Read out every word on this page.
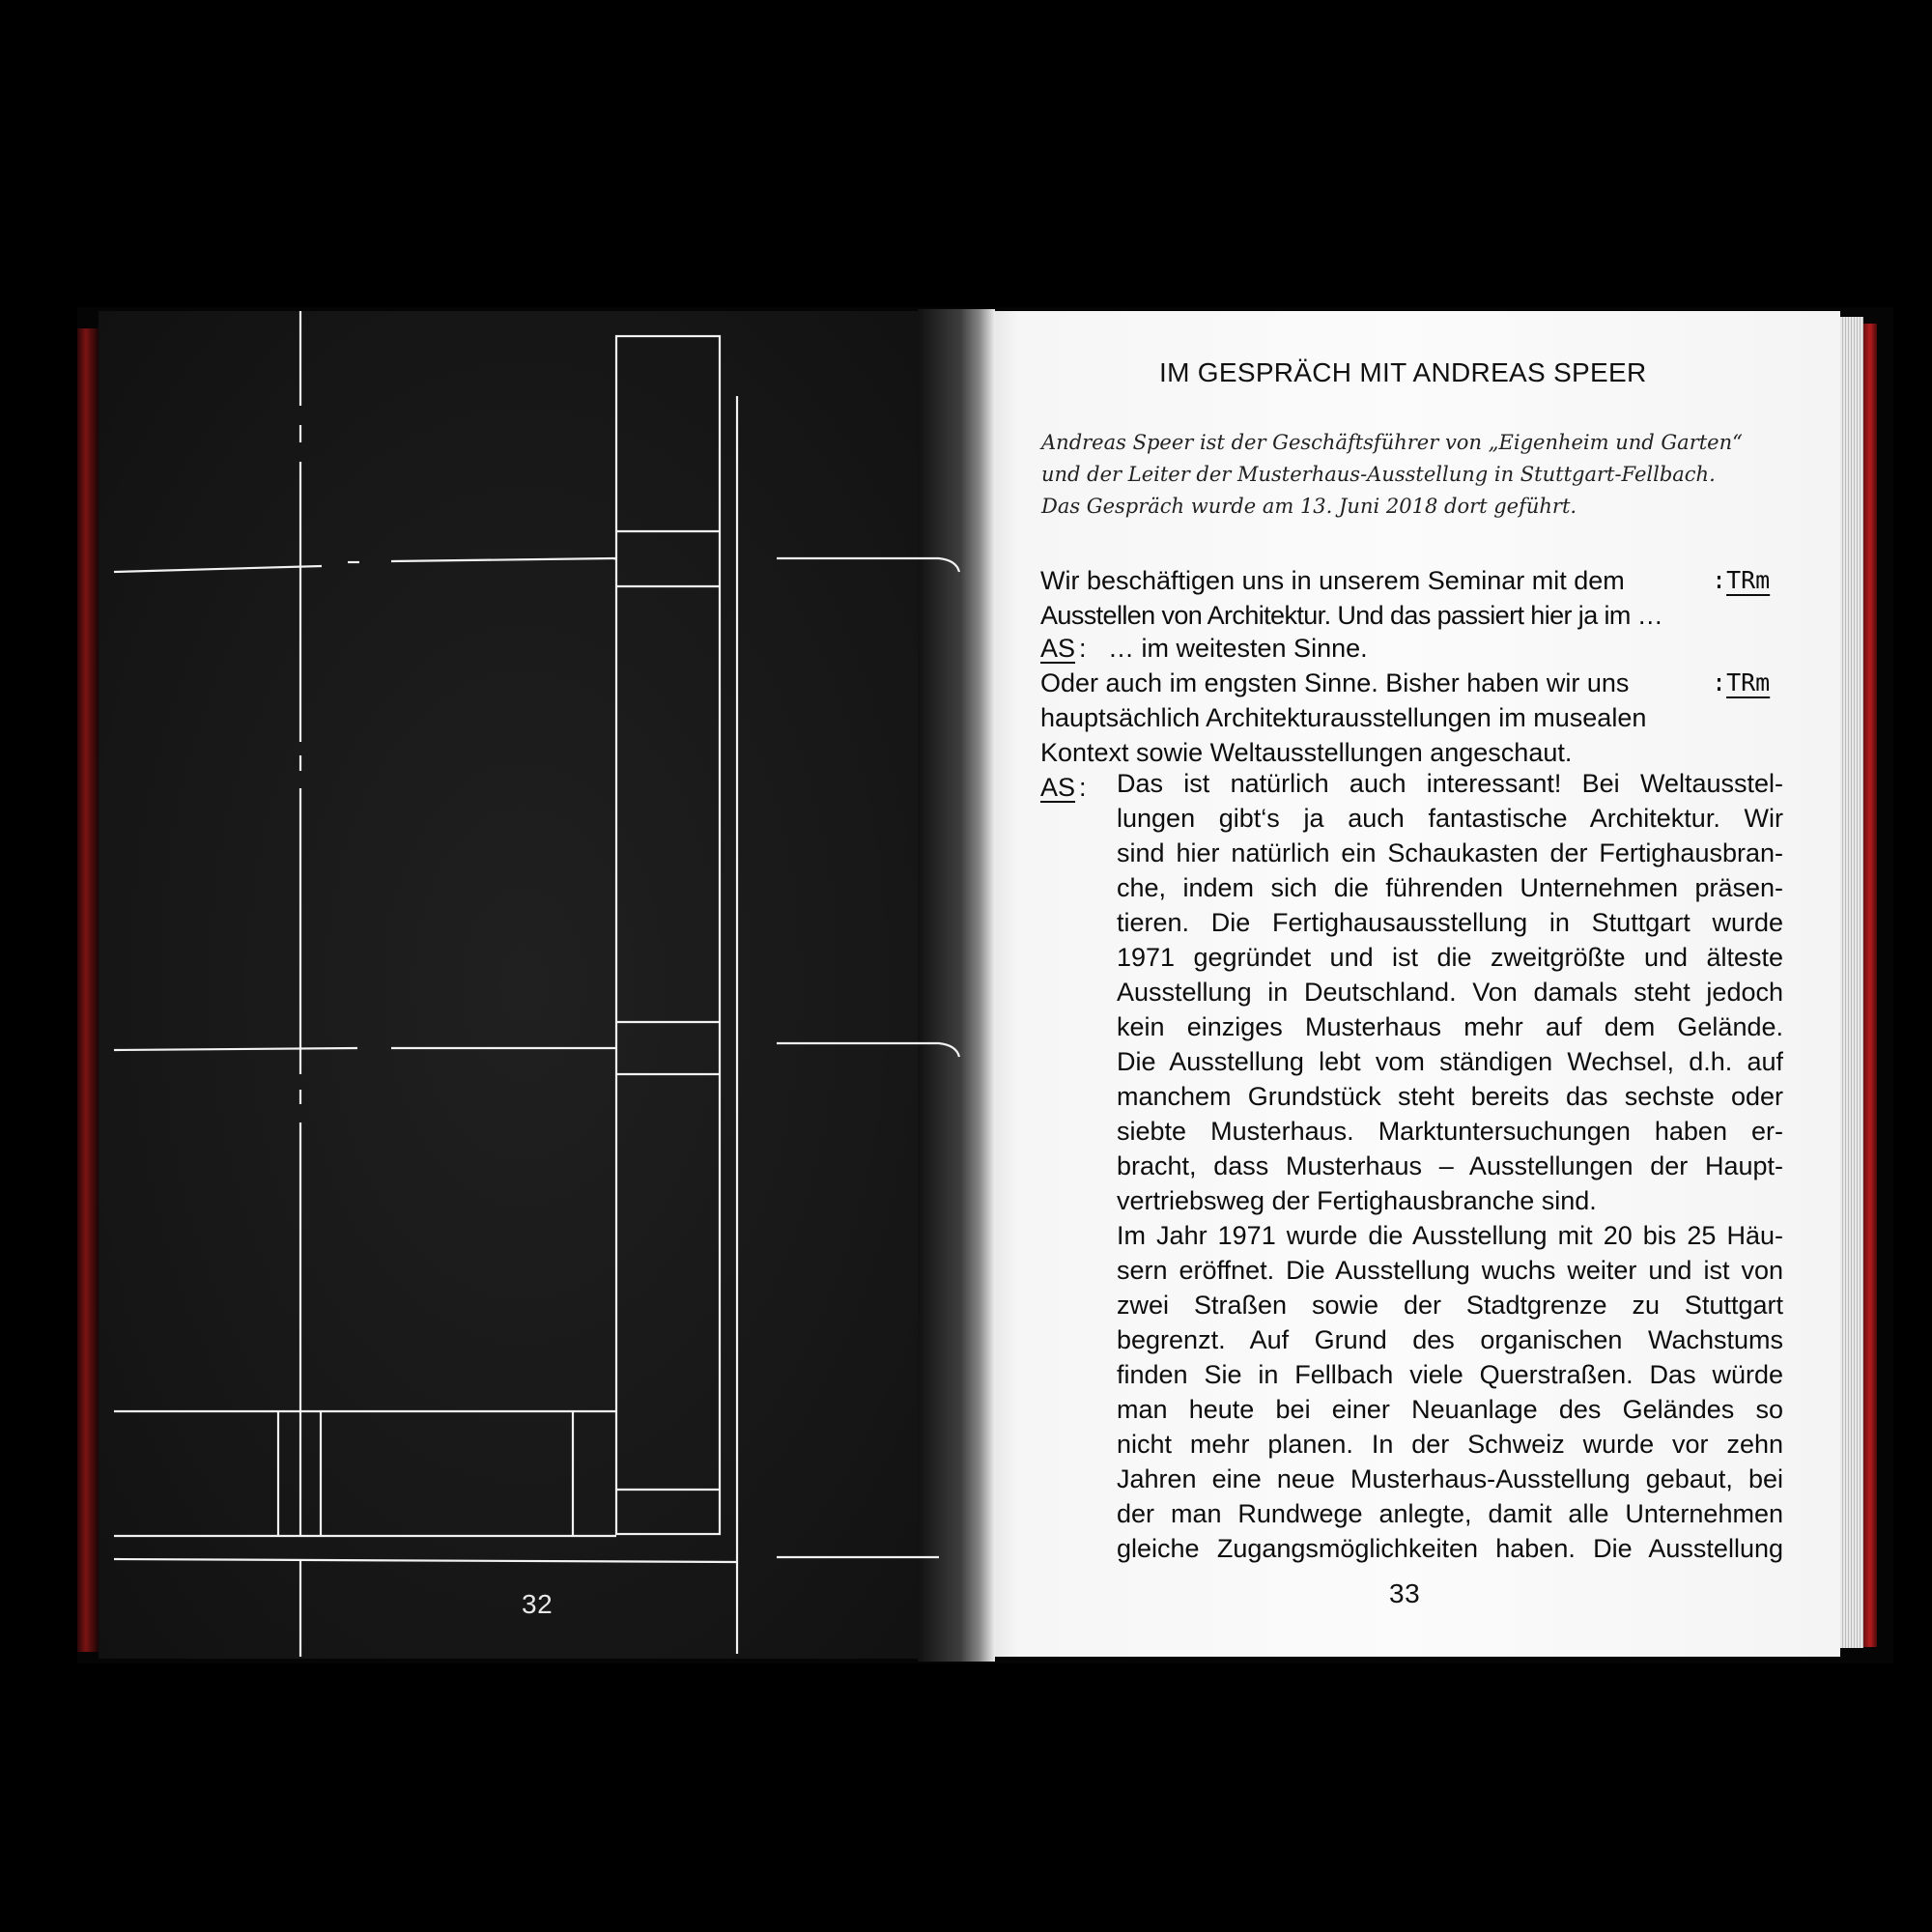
32
IM GESPRÄCH MIT ANDREAS SPEER
Andreas Speer ist der Geschäftsführer von „Eigenheim und Garten“
und der Leiter der Musterhaus-Ausstellung in Stuttgart-Fellbach.
Das Gespräch wurde am 13. Juni 2018 dort geführt.
Wir beschäftigen uns in unserem Seminar mit dem	:TRm
Ausstellen von Architektur. Und das passiert hier ja im …
AS : … im weitesten Sinne.
Oder auch im engsten Sinne. Bisher haben wir uns	:TRm
hauptsächlich Architekturausstellungen im musealen
Kontext sowie Weltausstellungen angeschaut.
AS : Das ist natürlich auch interessant! Bei Weltausstel-
lungen gibt‘s ja auch fantastische Architektur. Wir
sind hier natürlich ein Schaukasten der Fertighausbran-
che, indem sich die führenden Unternehmen präsen-
tieren. Die Fertighausausstellung in Stuttgart wurde
1971 gegründet und ist die zweitgrößte und älteste
Ausstellung in Deutschland. Von damals steht jedoch
kein einziges Musterhaus mehr auf dem Gelände.
Die Ausstellung lebt vom ständigen Wechsel, d.h. auf
manchem Grundstück steht bereits das sechste oder
siebte Musterhaus. Marktuntersuchungen haben er-
bracht, dass Musterhaus – Ausstellungen der Haupt-
vertriebsweg der Fertighausbranche sind.
Im Jahr 1971 wurde die Ausstellung mit 20 bis 25 Häu-
sern eröffnet. Die Ausstellung wuchs weiter und ist von
zwei Straßen sowie der Stadtgrenze zu Stuttgart
begrenzt. Auf Grund des organischen Wachstums
finden Sie in Fellbach viele Querstraßen. Das würde
man heute bei einer Neuanlage des Geländes so
nicht mehr planen. In der Schweiz wurde vor zehn
Jahren eine neue Musterhaus-Ausstellung gebaut, bei
der man Rundwege anlegte, damit alle Unternehmen
gleiche Zugangsmöglichkeiten haben. Die Ausstellung
33
